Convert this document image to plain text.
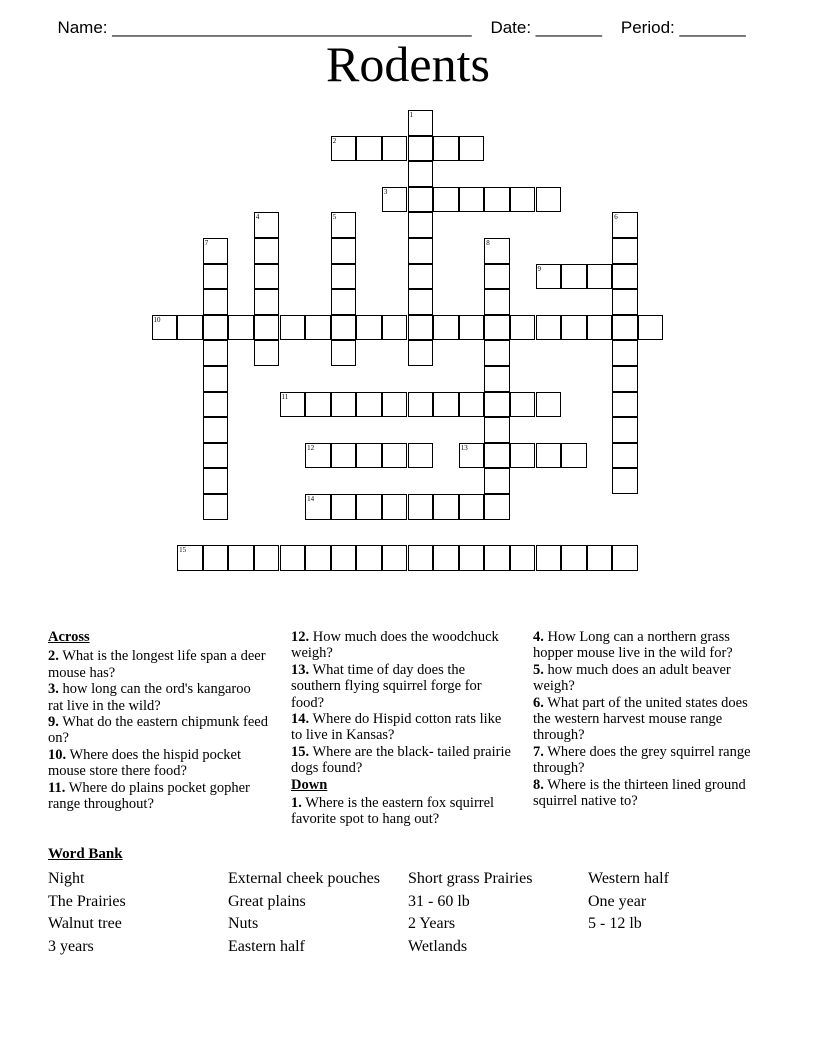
Name: ______________________________________ Date: _______ Period: _______

Rodents
1
2
3
4	5	6
7	8
9
10
11
12	13
14
15
Across
2. What is the longest life span a deer mouse has?
3. how long can the ord's kangaroo rat live in the wild?
9. What do the eastern chipmunk feed on?
10. Where does the hispid pocket mouse store there food?
11. Where do plains pocket gopher range throughout?
12. How much does the woodchuck weigh?
13. What time of day does the southern flying squirrel forge for food?
14. Where do Hispid cotton rats like to live in Kansas?
15. Where are the black- tailed prairie dogs found?
Down
1. Where is the eastern fox squirrel favorite spot to hang out?
4. How Long can a northern grass hopper mouse live in the wild for?
5. how much does an adult beaver weigh?
6. What part of the united states does the western harvest mouse range through?
7. Where does the grey squirrel range through?
8. Where is the thirteen lined ground squirrel native to?
Word Bank
Night	External cheek pouches	Short grass Prairies	Western half
The Prairies	Great plains	31 - 60 lb	One year
Walnut tree	Nuts	2 Years	5 - 12 lb
3 years	Eastern half	Wetlands
